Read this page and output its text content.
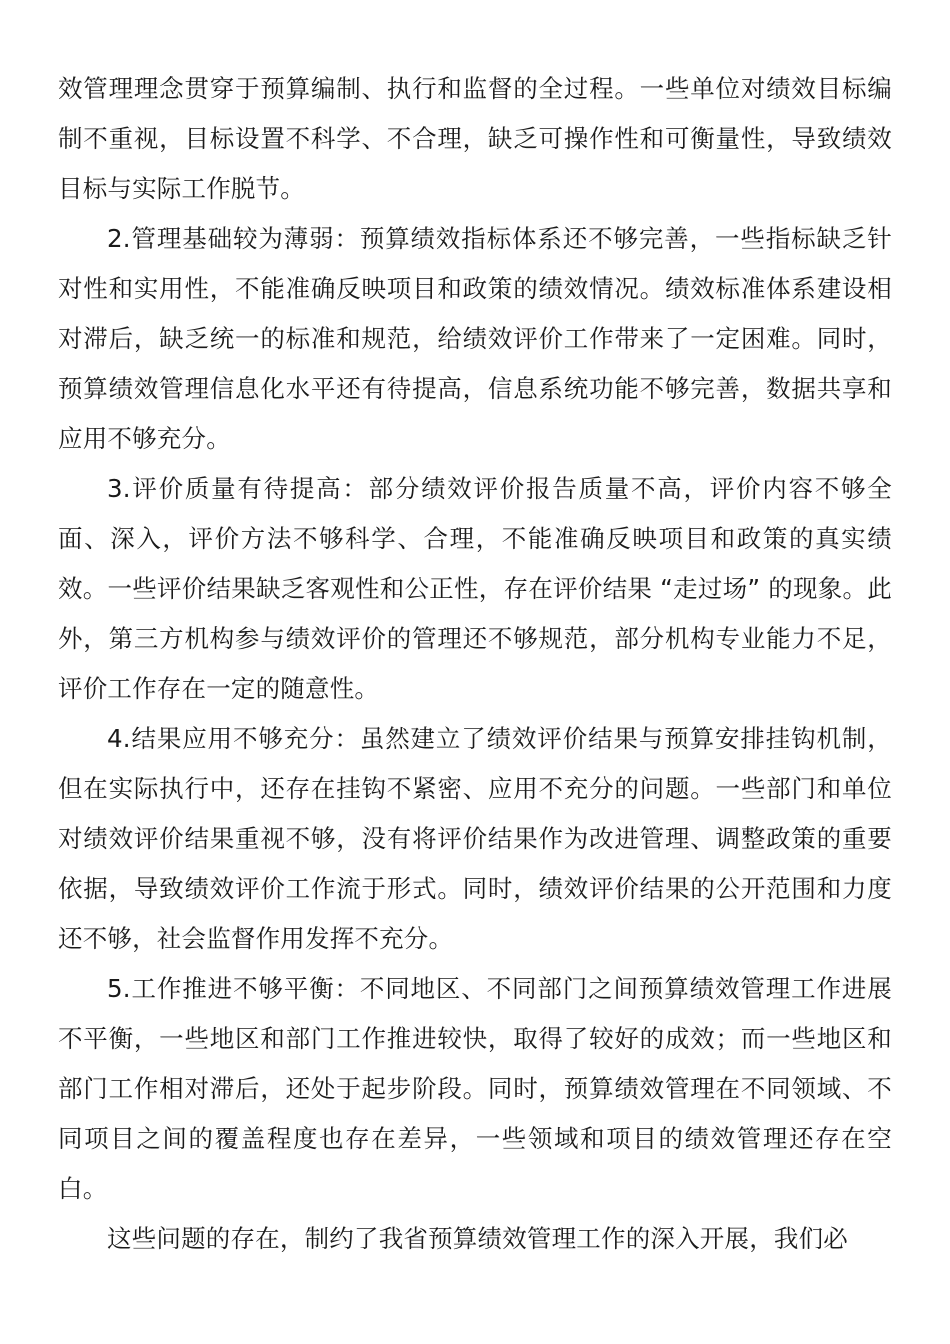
效管理理念贯穿于预算编制、执行和监督的全过程。一些单位对绩效目标编制不重视，目标设置不科学、不合理，缺乏可操作性和可衡量性，导致绩效目标与实际工作脱节。

2.管理基础较为薄弱：预算绩效指标体系还不够完善，一些指标缺乏针对性和实用性，不能准确反映项目和政策的绩效情况。绩效标准体系建设相对滞后，缺乏统一的标准和规范，给绩效评价工作带来了一定困难。同时，预算绩效管理信息化水平还有待提高，信息系统功能不够完善，数据共享和应用不够充分。

3.评价质量有待提高：部分绩效评价报告质量不高，评价内容不够全面、深入，评价方法不够科学、合理，不能准确反映项目和政策的真实绩效。一些评价结果缺乏客观性和公正性，存在评价结果 “走过场” 的现象。此外，第三方机构参与绩效评价的管理还不够规范，部分机构专业能力不足，评价工作存在一定的随意性。

4.结果应用不够充分：虽然建立了绩效评价结果与预算安排挂钩机制，但在实际执行中，还存在挂钩不紧密、应用不充分的问题。一些部门和单位对绩效评价结果重视不够，没有将评价结果作为改进管理、调整政策的重要依据，导致绩效评价工作流于形式。同时，绩效评价结果的公开范围和力度还不够，社会监督作用发挥不充分。

5.工作推进不够平衡：不同地区、不同部门之间预算绩效管理工作进展不平衡，一些地区和部门工作推进较快，取得了较好的成效；而一些地区和部门工作相对滞后，还处于起步阶段。同时，预算绩效管理在不同领域、不同项目之间的覆盖程度也存在差异，一些领域和项目的绩效管理还存在空白。

这些问题的存在，制约了我省预算绩效管理工作的深入开展，我们必
